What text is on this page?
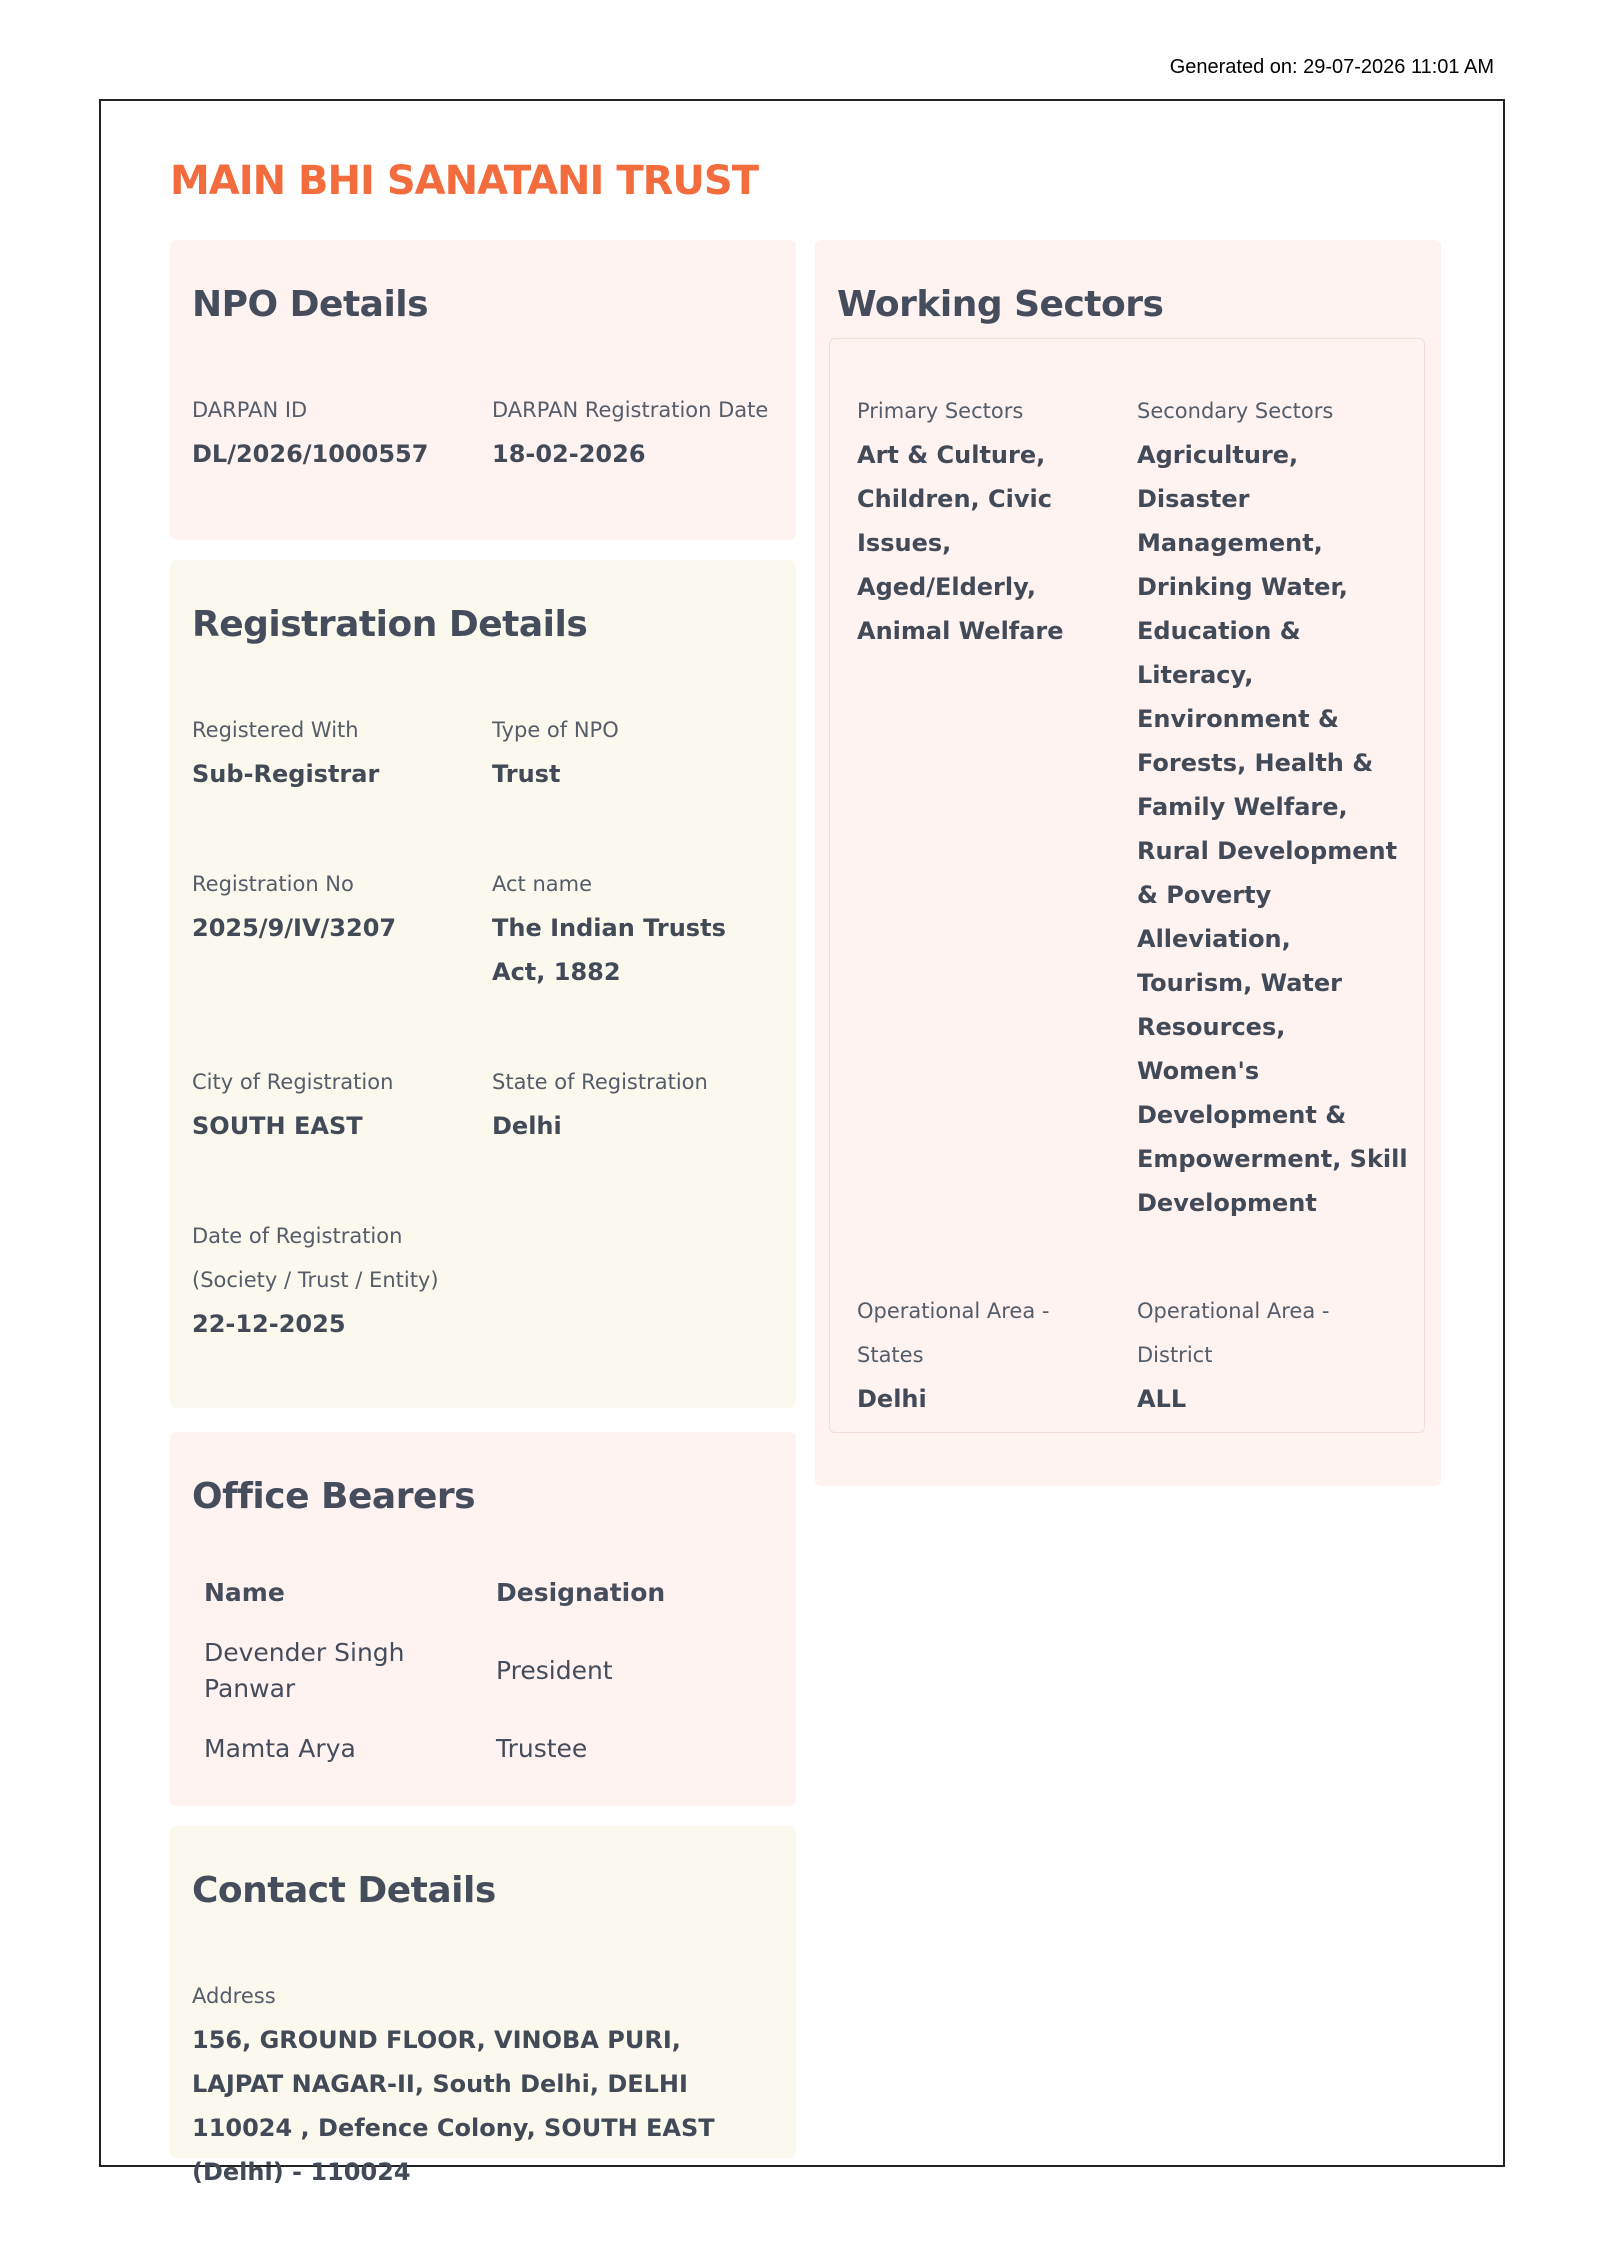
Generated on: 29-07-2026 11:01 AM
MAIN BHI SANATANI TRUST
NPO Details
DARPAN ID
DL/2026/1000557
DARPAN Registration Date
18-02-2026
Registration Details
Registered With
Sub-Registrar
Type of NPO
Trust
Registration No
2025/9/IV/3207
Act name
The Indian Trusts Act, 1882
City of Registration
SOUTH EAST
State of Registration
Delhi
Date of Registration (Society / Trust / Entity)
22-12-2025
Office Bearers
Name	Designation
Devender Singh Panwar	President
Mamta Arya	Trustee
Contact Details
Address
156, GROUND FLOOR, VINOBA PURI, LAJPAT NAGAR-II, South Delhi, DELHI 110024 , Defence Colony, SOUTH EAST (Delhi) - 110024
Working Sectors
Primary Sectors
Art & Culture, Children, Civic Issues, Aged/Elderly, Animal Welfare
Secondary Sectors
Agriculture, Disaster Management, Drinking Water, Education & Literacy, Environment & Forests, Health & Family Welfare, Rural Development & Poverty Alleviation, Tourism, Water Resources, Women's Development & Empowerment, Skill Development
Operational Area - States
Delhi
Operational Area - District
ALL
